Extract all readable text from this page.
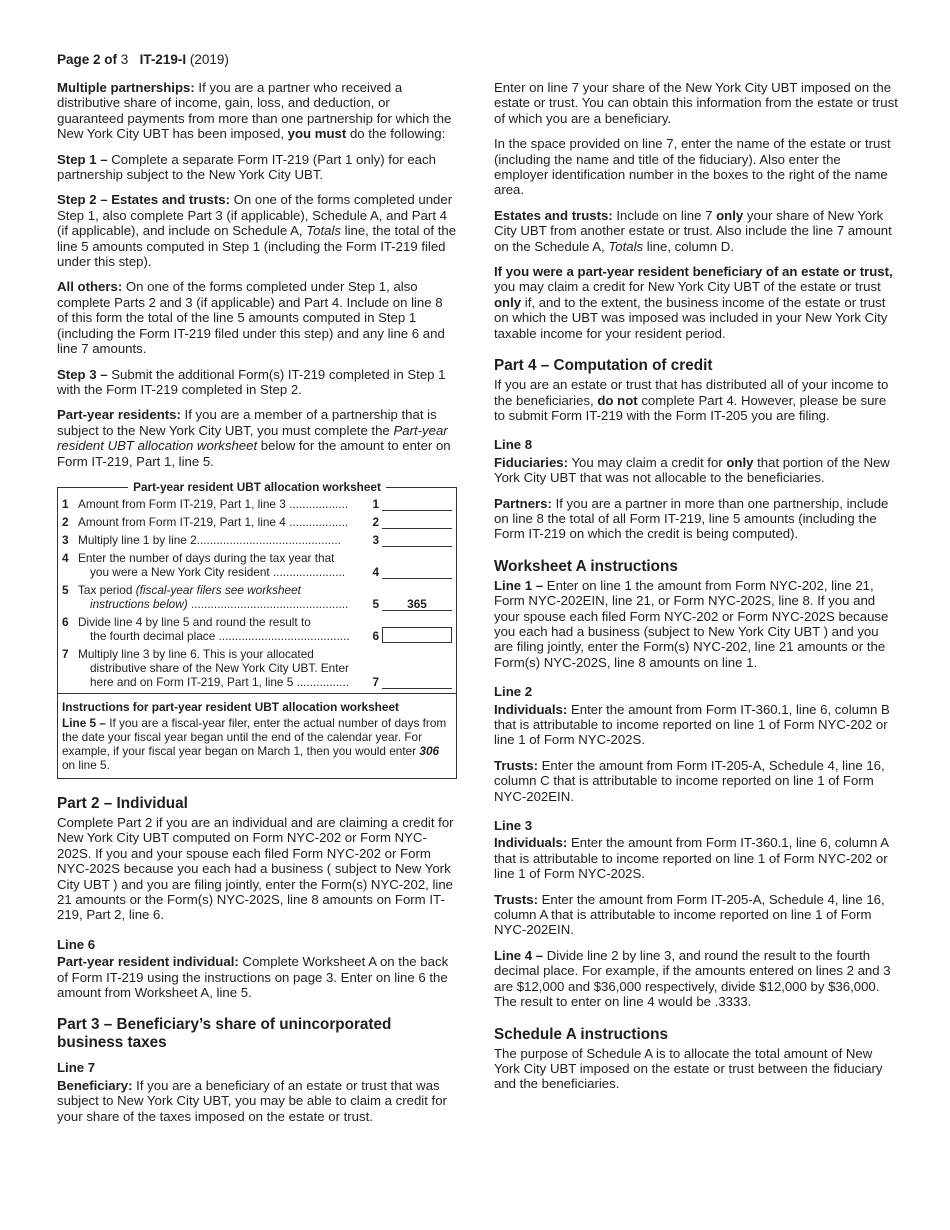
Page 2 of 3 IT-219-I (2019)

Multiple partnerships: If you are a partner who received a distributive share of income, gain, loss, and deduction, or guaranteed payments from more than one partnership for which the New York City UBT has been imposed, you must do the following:

Step 1 – Complete a separate Form IT-219 (Part 1 only) for each partnership subject to the New York City UBT.

Step 2 – Estates and trusts: On one of the forms completed under Step 1, also complete Part 3 (if applicable), Schedule A, and Part 4 (if applicable), and include on Schedule A, Totals line, the total of the line 5 amounts computed in Step 1 (including the Form IT-219 filed under this step).

All others: On one of the forms completed under Step 1, also complete Parts 2 and 3 (if applicable) and Part 4. Include on line 8 of this form the total of the line 5 amounts computed in Step 1 (including the Form IT-219 filed under this step) and any line 6 and line 7 amounts.

Step 3 – Submit the additional Form(s) IT-219 completed in Step 1 with the Form IT-219 completed in Step 2.

Part-year residents: If you are a member of a partnership that is subject to the New York City UBT, you must complete the Part-year resident UBT allocation worksheet below for the amount to enter on Form IT-219, Part 1, line 5.

Part-year resident UBT allocation worksheet
1 Amount from Form IT-219, Part 1, line 3 ..................	1
2 Amount from Form IT-219, Part 1, line 4 ..................	2
3 Multiply line 1 by line 2............................................	3
4 Enter the number of days during the tax year that
you were a New York City resident ......................	4
5 Tax period (fiscal-year filers see worksheet
instructions below) ................................................	5	365
6 Divide line 4 by line 5 and round the result to
the fourth decimal place ........................................	6
7 Multiply line 3 by line 6. This is your allocated
distributive share of the New York City UBT. Enter
here and on Form IT-219, Part 1, line 5 ................	7
Instructions for part-year resident UBT allocation worksheet
Line 5 – If you are a fiscal-year filer, enter the actual number of days from the date your fiscal year began until the end of the calendar year. For example, if your fiscal year began on March 1, then you would enter 306 on line 5.
Part 2 – Individual

Complete Part 2 if you are an individual and are claiming a credit for New York City UBT computed on Form NYC-202 or Form NYC-202S. If you and your spouse each filed Form NYC-202 or Form NYC-202S because you each had a business ( subject to New York City UBT ) and you are filing jointly, enter the Form(s) NYC-202, line 21 amounts or the Form(s) NYC-202S, line 8 amounts on Form IT-219, Part 2, line 6.

Line 6

Part-year resident individual: Complete Worksheet A on the back of Form IT-219 using the instructions on page 3. Enter on line 6 the amount from Worksheet A, line 5.

Part 3 – Beneficiary’s share of unincorporated business taxes
Line 7

Beneficiary: If you are a beneficiary of an estate or trust that was subject to New York City UBT, you may be able to claim a credit for your share of the taxes imposed on the estate or trust.

Enter on line 7 your share of the New York City UBT imposed on the estate or trust. You can obtain this information from the estate or trust of which you are a beneficiary.

In the space provided on line 7, enter the name of the estate or trust (including the name and title of the fiduciary). Also enter the employer identification number in the boxes to the right of the name area.

Estates and trusts: Include on line 7 only your share of New York City UBT from another estate or trust. Also include the line 7 amount on the Schedule A, Totals line, column D.

If you were a part-year resident beneficiary of an estate or trust, you may claim a credit for New York City UBT of the estate or trust only if, and to the extent, the business income of the estate or trust on which the UBT was imposed was included in your New York City taxable income for your resident period.

Part 4 – Computation of credit

If you are an estate or trust that has distributed all of your income to the beneficiaries, do not complete Part 4. However, please be sure to submit Form IT-219 with the Form IT-205 you are filing.

Line 8

Fiduciaries: You may claim a credit for only that portion of the New York City UBT that was not allocable to the beneficiaries.

Partners: If you are a partner in more than one partnership, include on line 8 the total of all Form IT-219, line 5 amounts (including the Form IT-219 on which the credit is being computed).

Worksheet A instructions

Line 1 – Enter on line 1 the amount from Form NYC-202, line 21, Form NYC-202EIN, line 21, or Form NYC-202S, line 8. If you and your spouse each filed Form NYC-202 or Form NYC-202S because you each had a business (subject to New York City UBT ) and you are filing jointly, enter the Form(s) NYC-202, line 21 amounts or the Form(s) NYC-202S, line 8 amounts on line 1.

Line 2

Individuals: Enter the amount from Form IT-360.1, line 6, column B that is attributable to income reported on line 1 of Form NYC-202 or line 1 of Form NYC-202S.

Trusts: Enter the amount from Form IT-205-A, Schedule 4, line 16, column C that is attributable to income reported on line 1 of Form NYC-202EIN.

Line 3

Individuals: Enter the amount from Form IT-360.1, line 6, column A that is attributable to income reported on line 1 of Form NYC-202 or line 1 of Form NYC-202S.

Trusts: Enter the amount from Form IT-205-A, Schedule 4, line 16, column A that is attributable to income reported on line 1 of Form NYC-202EIN.

Line 4 – Divide line 2 by line 3, and round the result to the fourth decimal place. For example, if the amounts entered on lines 2 and 3 are $12,000 and $36,000 respectively, divide $12,000 by $36,000. The result to enter on line 4 would be .3333.

Schedule A instructions

The purpose of Schedule A is to allocate the total amount of New York City UBT imposed on the estate or trust between the fiduciary and the beneficiaries.
